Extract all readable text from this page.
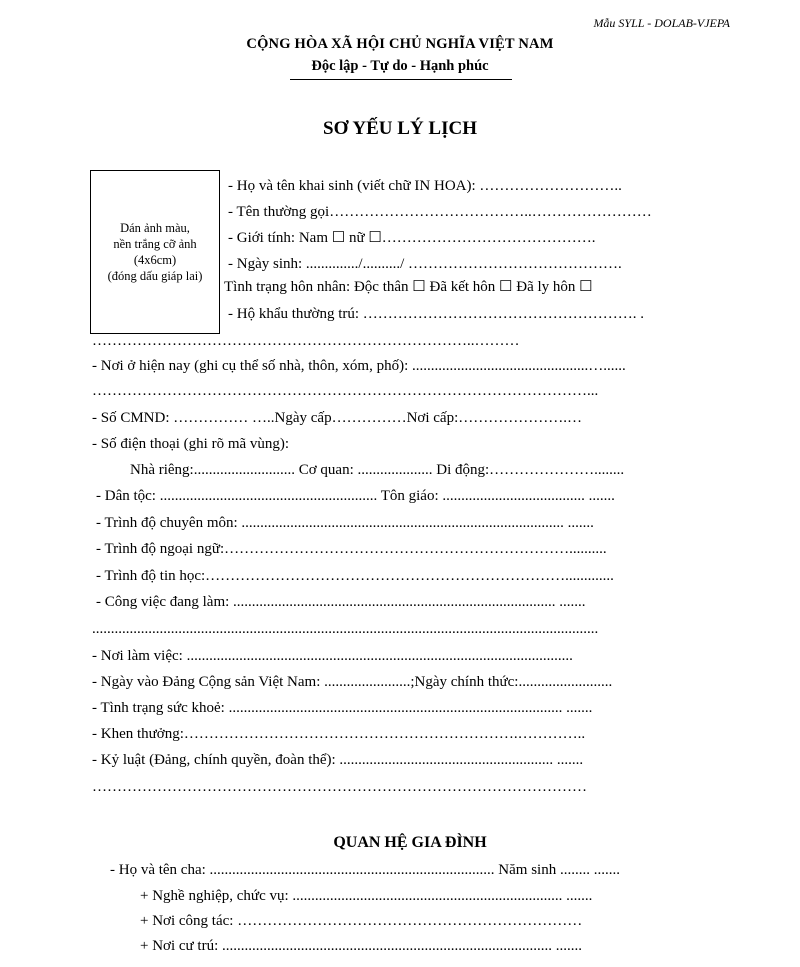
Mẫu SYLL - DOLAB-VJEPA
CỘNG HÒA XÃ HỘI CHỦ NGHĨA VIỆT NAM
Độc lập - Tự do - Hạnh phúc
SƠ YẾU LÝ LỊCH
Dán ảnh màu,
nền trắng cỡ ảnh
(4x6cm)
(đóng dấu giáp lai)
- Họ và tên khai sinh (viết chữ IN HOA): ………………………..
- Tên thường gọi…………………………………..……………………
- Giới tính: Nam ☐ nữ ☐…………………………………….
- Ngày sinh: ............../........../ …………………………………….
Tình trạng hôn nhân: Độc thân ☐ Đã kết hôn ☐ Đã ly hôn ☐
- Hộ khẩu thường trú: ………………………………………………. .
…………………………………………………………………..………
- Nơi ở hiện nay (ghi cụ thể số nhà, thôn, xóm, phố): ...............................................…......
………………………………………………………………………………………...
- Số CMND: …………… …..Ngày cấp……………Nơi cấp:………………….…
- Số điện thoại (ghi rõ mã vùng):
Nhà riêng:........................... Cơ quan: .................... Di động:…………………........
- Dân tộc: .......................................................... Tôn giáo: ...................................... .......
- Trình độ chuyên môn: ...................................................................................... .......
- Trình độ ngoại ngữ:……………………………………………………………..........
- Trình độ tin học:……………………………………………………………….............
- Công việc đang làm: ...................................................................................... .......
.......................................................................................................................................
- Nơi làm việc: .......................................................................................................
- Ngày vào Đảng Cộng sản Việt Nam: .......................;Ngày chính thức:.........................
- Tình trạng sức khoẻ: ......................................................................................... .......
- Khen thưởng:………………………………………………………….…………..
- Kỷ luật (Đảng, chính quyền, đoàn thể): ......................................................... .......
………………………………………………………………………………………
QUAN HỆ GIA ĐÌNH
- Họ và tên cha: ............................................................................ Năm sinh ........ .......
+ Nghề nghiệp, chức vụ: ........................................................................ .......
+ Nơi công tác: ……………………………………………………………
+ Nơi cư trú: ........................................................................................ .......
